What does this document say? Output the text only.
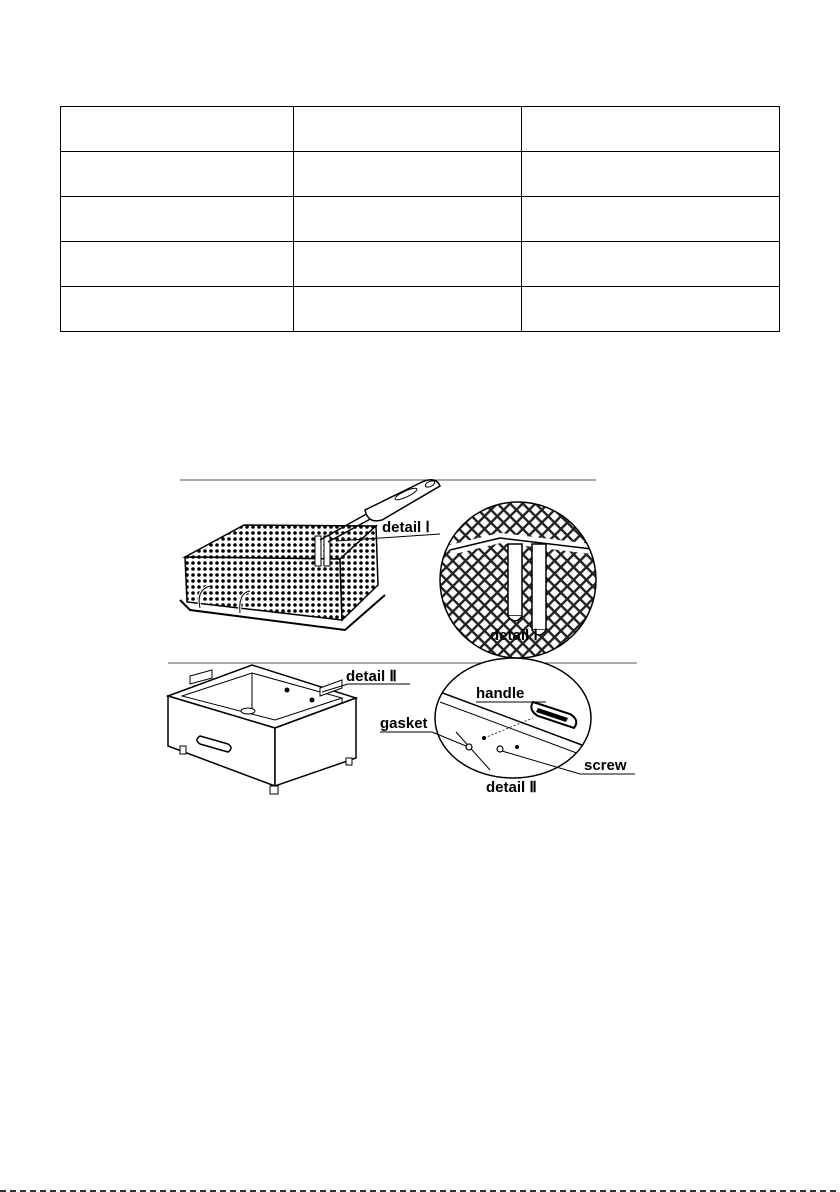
detail Ⅰ
detail Ⅰ
detail Ⅱ
handle
gasket
screw
detail Ⅱ
